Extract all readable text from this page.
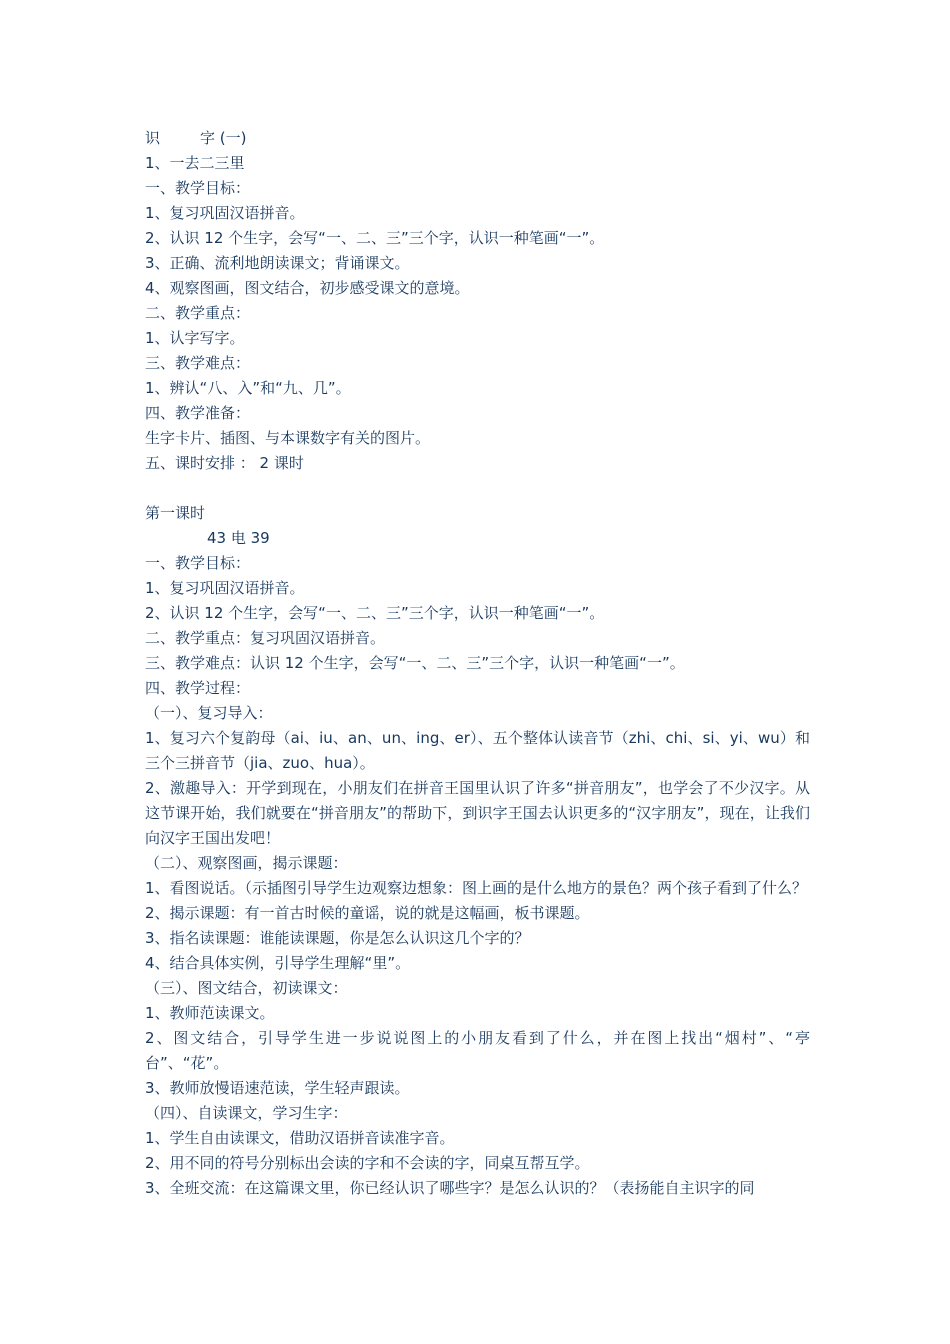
识	字 (一)
1、一去二三里
一、教学目标：
1、复习巩固汉语拼音。
2、认识 12 个生字，会写“一、二、三”三个字，认识一种笔画“一”。
3、正确、流利地朗读课文；背诵课文。
4、观察图画，图文结合，初步感受课文的意境。
二、教学重点：
1、认字写字。
三、教学难点：
1、辨认“八、入”和“九、几”。
四、教学准备：
生字卡片、插图、与本课数字有关的图片。
五、课时安排 ： 2 课时
第一课时
43 电 39
一、教学目标：
1、复习巩固汉语拼音。
2、认识 12 个生字，会写“一、二、三”三个字，认识一种笔画“一”。
二、教学重点：复习巩固汉语拼音。
三、教学难点：认识 12 个生字，会写“一、二、三”三个字，认识一种笔画“一”。
四、教学过程：
（一）、复习导入：
1、复习六个复韵母（ai、iu、an、un、ing、er）、五个整体认读音节（zhi、chi、si、yi、wu）和三个三拼音节（jia、zuo、hua）。
2、激趣导入：开学到现在，小朋友们在拼音王国里认识了许多“拼音朋友”，也学会了不少汉字。从这节课开始，我们就要在“拼音朋友”的帮助下，到识字王国去认识更多的“汉字朋友”，现在，让我们向汉字王国出发吧！
（二）、观察图画，揭示课题：
1、看图说话。（示插图引导学生边观察边想象：图上画的是什么地方的景色？两个孩子看到了什么？
2、揭示课题：有一首古时候的童谣，说的就是这幅画，板书课题。
3、指名读课题：谁能读课题，你是怎么认识这几个字的？
4、结合具体实例，引导学生理解“里”。
（三）、图文结合，初读课文：
1、教师范读课文。
2、图文结合，引导学生进一步说说图上的小朋友看到了什么，并在图上找出“烟村”、“亭台”、“花”。
3、教师放慢语速范读，学生轻声跟读。
（四）、自读课文，学习生字：
1、学生自由读课文，借助汉语拼音读准字音。
2、用不同的符号分别标出会读的字和不会读的字，同桌互帮互学。
3、全班交流：在这篇课文里，你已经认识了哪些字？是怎么认识的？（表扬能自主识字的同
